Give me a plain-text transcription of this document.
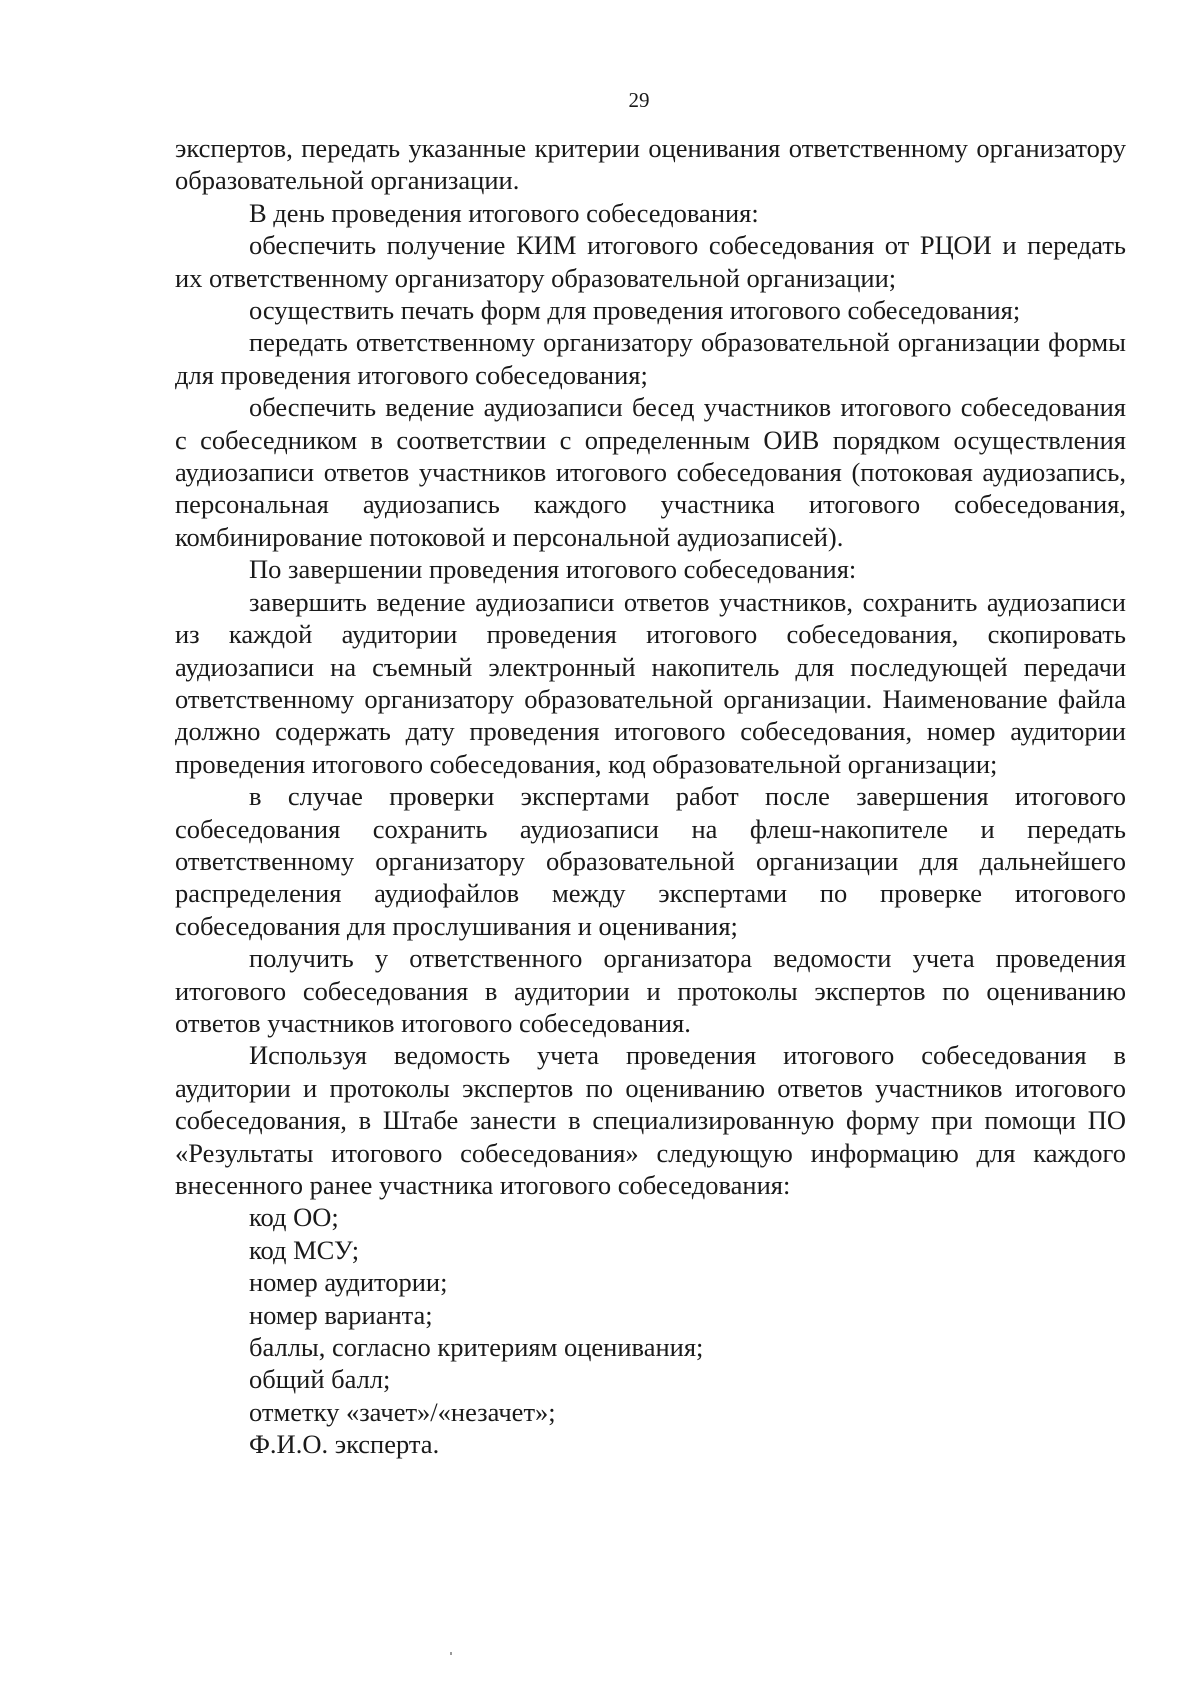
29

экспертов, передать указанные критерии оценивания ответственному организатору образовательной организации.

В день проведения итогового собеседования:

обеспечить получение КИМ итогового собеседования от РЦОИ и передать их ответственному организатору образовательной организации;

осуществить печать форм для проведения итогового собеседования;

передать ответственному организатору образовательной организации формы для проведения итогового собеседования;

обеспечить ведение аудиозаписи бесед участников итогового собеседования с собеседником в соответствии с определенным ОИВ порядком осуществления аудиозаписи ответов участников итогового собеседования (потоковая аудиозапись, персональная аудиозапись каждого участника итогового собеседования, комбинирование потоковой и персональной аудиозаписей).

По завершении проведения итогового собеседования:

завершить ведение аудиозаписи ответов участников, сохранить аудиозаписи из каждой аудитории проведения итогового собеседования, скопировать аудиозаписи на съемный электронный накопитель для последующей передачи ответственному организатору образовательной организации. Наименование файла должно содержать дату проведения итогового собеседования, номер аудитории проведения итогового собеседования, код образовательной организации;

в случае проверки экспертами работ после завершения итогового собеседования сохранить аудиозаписи на флеш-накопителе и передать ответственному организатору образовательной организации для дальнейшего распределения аудиофайлов между экспертами по проверке итогового собеседования для прослушивания и оценивания;

получить у ответственного организатора ведомости учета проведения итогового собеседования в аудитории и протоколы экспертов по оцениванию ответов участников итогового собеседования.

Используя ведомость учета проведения итогового собеседования в аудитории и протоколы экспертов по оцениванию ответов участников итогового собеседования, в Штабе занести в специализированную форму при помощи ПО «Результаты итогового собеседования» следующую информацию для каждого внесенного ранее участника итогового собеседования:

код ОО;

код МСУ;

номер аудитории;

номер варианта;

баллы, согласно критериям оценивания;

общий балл;

отметку «зачет»/«незачет»;

Ф.И.О. эксперта.
